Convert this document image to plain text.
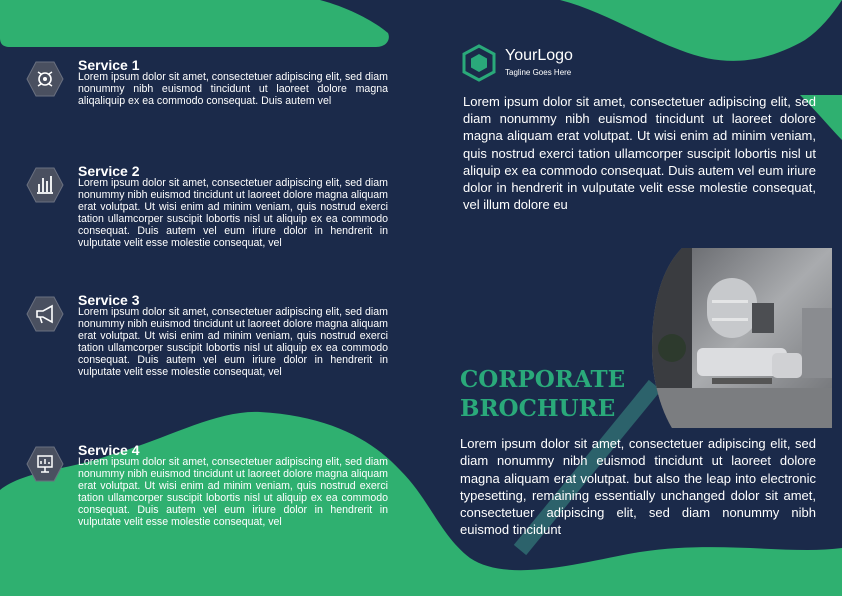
Service 1
Lorem ipsum dolor sit amet, consectetuer adipiscing elit, sed diam nonummy nibh euismod tincidunt ut laoreet dolore magna aliqaliquip ex ea commodo consequat. Duis autem vel
Service 2
Lorem ipsum dolor sit amet, consectetuer adipiscing elit, sed diam nonummy nibh euismod tincidunt ut laoreet dolore magna aliquam erat volutpat. Ut wisi enim ad minim veniam, quis nostrud exerci tation ullamcorper suscipit lobortis nisl ut aliquip ex ea commodo consequat. Duis autem vel eum iriure dolor in hendrerit in vulputate velit esse molestie consequat, vel
Service 3
Lorem ipsum dolor sit amet, consectetuer adipiscing elit, sed diam nonummy nibh euismod tincidunt ut laoreet dolore magna aliquam erat volutpat. Ut wisi enim ad minim veniam, quis nostrud exerci tation ullamcorper suscipit lobortis nisl ut aliquip ex ea commodo consequat. Duis autem vel eum iriure dolor in hendrerit in vulputate velit esse molestie consequat, vel
Service 4
Lorem ipsum dolor sit amet, consectetuer adipiscing elit, sed diam nonummy nibh euismod tincidunt ut laoreet dolore magna aliquam erat volutpat. Ut wisi enim ad minim veniam, quis nostrud exerci tation ullamcorper suscipit lobortis nisl ut aliquip ex ea commodo consequat. Duis autem vel eum iriure dolor in hendrerit in vulputate velit esse molestie consequat, vel
YourLogo
Tagline Goes Here
Lorem ipsum dolor sit amet, consectetuer adipiscing elit, sed diam nonummy nibh euismod tincidunt ut laoreet dolore magna aliquam erat volutpat. Ut wisi enim ad minim veniam, quis nostrud exerci tation ullamcorper suscipit lobortis nisl ut aliquip ex ea commodo consequat. Duis autem vel eum iriure dolor in hendrerit in vulputate velit esse molestie consequat, vel illum dolore eu
CORPORATE
BROCHURE
Lorem ipsum dolor sit amet, consectetuer adipiscing elit, sed diam nonummy nibh euismod tincidunt ut laoreet dolore magna aliquam erat volutpat. but also the leap into electronic typesetting, remaining essentially unchanged dolor sit amet, consectetuer adipiscing elit, sed diam nonummy nibh euismod tincidunt
